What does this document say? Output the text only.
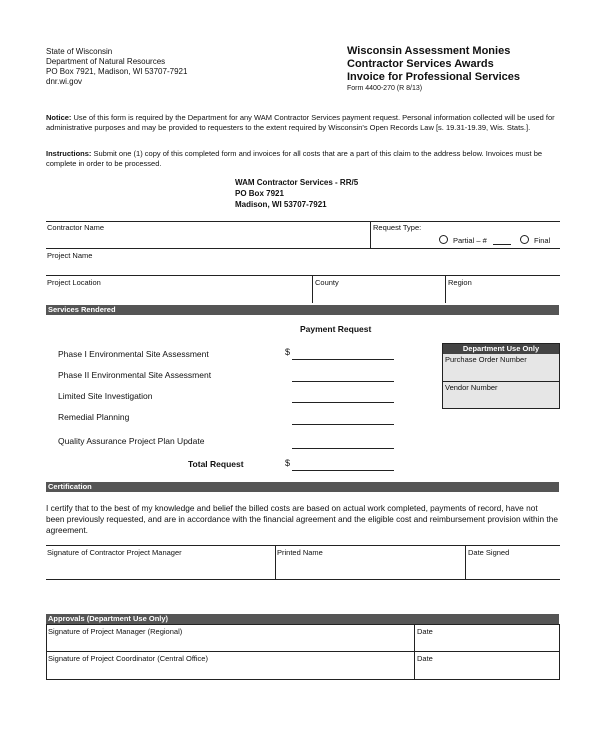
State of Wisconsin
Department of Natural Resources
PO Box 7921, Madison, WI 53707-7921
dnr.wi.gov
Wisconsin Assessment Monies
Contractor Services Awards
Invoice for Professional Services
Form 4400-270 (R 8/13)
Notice: Use of this form is required by the Department for any WAM Contractor Services payment request. Personal information collected will be used for administrative purposes and may be provided to requesters to the extent required by Wisconsin's Open Records Law [s. 19.31-19.39, Wis. Stats.].
Instructions: Submit one (1) copy of this completed form and invoices for all costs that are a part of this claim to the address below. Invoices must be complete in order to be processed.
WAM Contractor Services - RR/5
PO Box 7921
Madison, WI 53707-7921
Contractor Name	Request Type:
Partial – #	Final
Project Name
Project Location	County	Region
Services Rendered
Payment Request
Phase I Environmental Site Assessment	$
Phase II Environmental Site Assessment
Limited Site Investigation
Remedial Planning
Quality Assurance Project Plan Update
Total Request	$
Department Use Only
Purchase Order Number
Vendor Number
Certification
I certify that to the best of my knowledge and belief the billed costs are based on actual work completed, payments of record, have not been previously requested, and are in accordance with the financial agreement and the eligible cost and reimbursement provision within the agreement.
Signature of Contractor Project Manager	Printed Name	Date Signed
Approvals (Department Use Only)
Signature of Project Manager (Regional)	Date
Signature of Project Coordinator (Central Office)	Date
